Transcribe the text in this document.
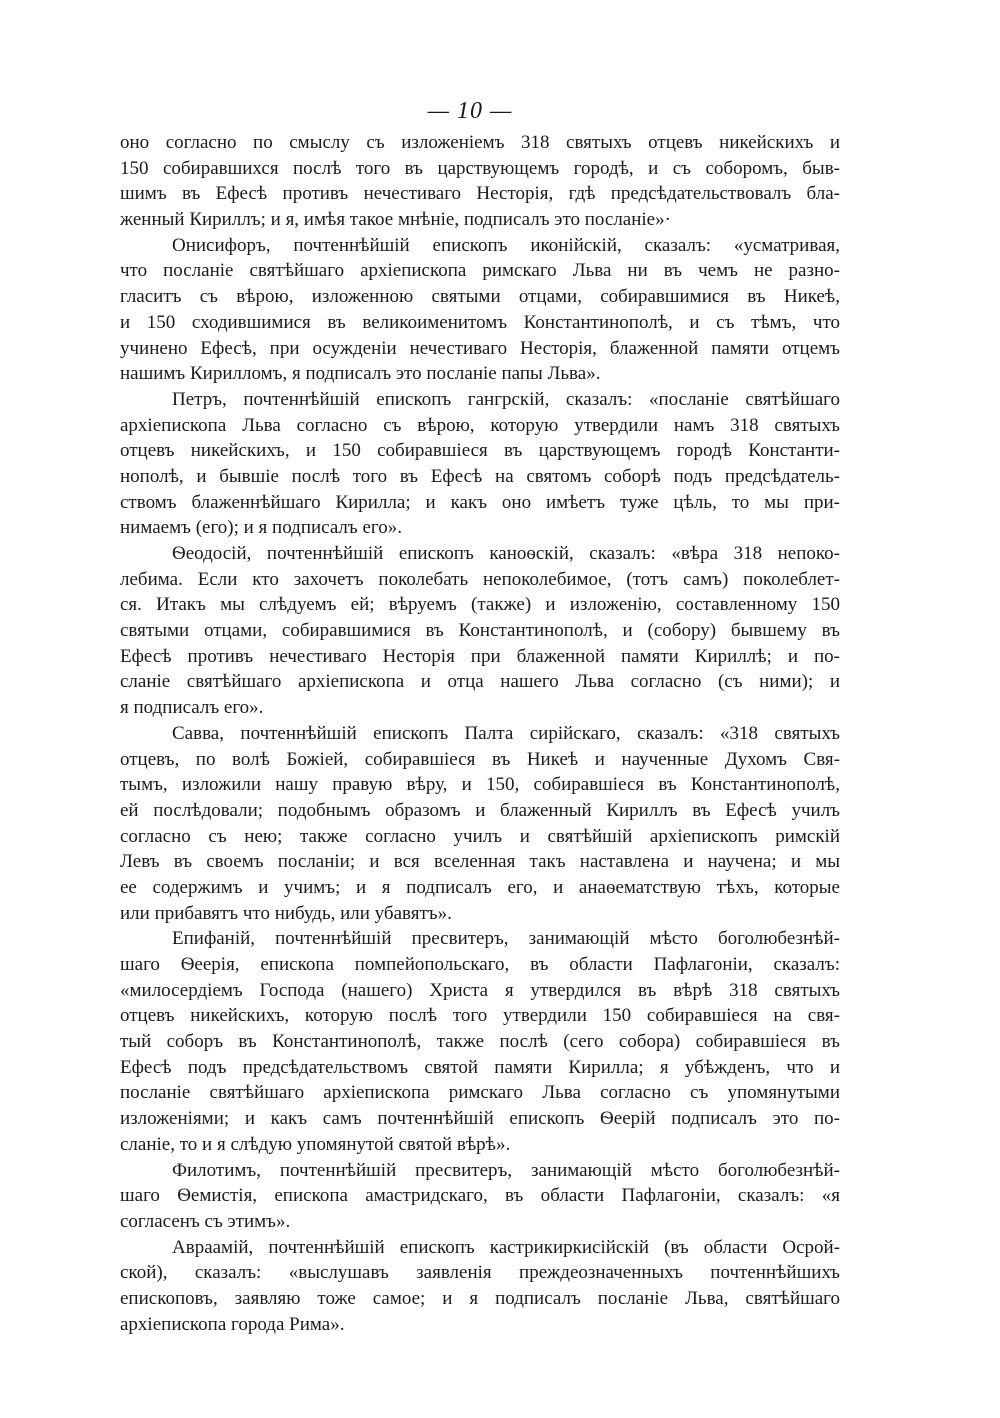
— 10 —
оно согласно по смыслу съ изложеніемъ 318 святыхъ отцевъ никейскихъ и
150 собиравшихся послѣ того въ царствующемъ городѣ, и съ соборомъ, быв-
шимъ въ Ефесѣ противъ нечестиваго Несторія, гдѣ предсѣдательствовалъ бла-
женный Кириллъ; и я, имѣя такое мнѣніе, подписалъ это посланіе»·
Онисифоръ, почтеннѣйшій епископъ иконійскій, сказалъ: «усматривая,
что посланіе святѣйшаго архіепископа римскаго Льва ни въ чемъ не разно-
гласитъ съ вѣрою, изложенною святыми отцами, собиравшимися въ Никеѣ,
и 150 сходившимися въ великоименитомъ Константинополѣ, и съ тѣмъ, что
учинено Ефесѣ, при осужденіи нечестиваго Несторія, блаженной памяти отцемъ
нашимъ Кирилломъ, я подписалъ это посланіе папы Льва».
Петръ, почтеннѣйшій епископъ гангрскій, сказалъ: «посланіе святѣйшаго
архіепископа Льва согласно съ вѣрою, которую утвердили намъ 318 святыхъ
отцевъ никейскихъ, и 150 собиравшіеся въ царствующемъ городѣ Константи-
нополѣ, и бывшіе послѣ того въ Ефесѣ на святомъ соборѣ подъ предсѣдатель-
ствомъ блаженнѣйшаго Кирилла; и какъ оно имѣетъ туже цѣль, то мы при-
нимаемъ (его); и я подписалъ его».
Ѳеодосій, почтеннѣйшій епископъ каноѳскій, сказалъ: «вѣра 318 непоко-
лебима. Если кто захочетъ поколебать непоколебимое, (тотъ самъ) поколеблет-
ся. Итакъ мы слѣдуемъ ей; вѣруемъ (также) и изложенію, составленному 150
святыми отцами, собиравшимися въ Константинополѣ, и (собору) бывшему въ
Ефесѣ противъ нечестиваго Несторія при блаженной памяти Кириллѣ; и по-
сланіе святѣйшаго архіепископа и отца нашего Льва согласно (съ ними); и
я подписалъ его».
Савва, почтеннѣйшій епископъ Палта сирійскаго, сказалъ: «318 святыхъ
отцевъ, по волѣ Божіей, собиравшіеся въ Никеѣ и наученные Духомъ Свя-
тымъ, изложили нашу правую вѣру, и 150, собиравшіеся въ Константинополѣ,
ей послѣдовали; подобнымъ образомъ и блаженный Кириллъ въ Ефесѣ училъ
согласно съ нею; также согласно училъ и святѣйшій архіепископъ римскій
Левъ въ своемъ посланіи; и вся вселенная такъ наставлена и научена; и мы
ее содержимъ и учимъ; и я подписалъ его, и анаѳематствую тѣхъ, которые
или прибавятъ что нибудь, или убавятъ».
Епифаній, почтеннѣйшій пресвитеръ, занимающій мѣсто боголюбезнѣй-
шаго Ѳеерія, епископа помпейопольскаго, въ области Пафлагоніи, сказалъ:
«милосердіемъ Господа (нашего) Христа я утвердился въ вѣрѣ 318 святыхъ
отцевъ никейскихъ, которую послѣ того утвердили 150 собиравшіеся на свя-
тый соборъ въ Константинополѣ, также послѣ (сего собора) собиравшіеся въ
Ефесѣ подъ предсѣдательствомъ святой памяти Кирилла; я убѣжденъ, что и
посланіе святѣйшаго архіепископа римскаго Льва согласно съ упомянутыми
изложеніями; и какъ самъ почтеннѣйшій епископъ Ѳеерій подписалъ это по-
сланіе, то и я слѣдую упомянутой святой вѣрѣ».
Филотимъ, почтеннѣйшій пресвитеръ, занимающій мѣсто боголюбезнѣй-
шаго Ѳемистія, епископа амастридскаго, въ области Пафлагоніи, сказалъ: «я
согласенъ съ этимъ».
Авраамій, почтеннѣйшій епископъ кастрикиркисійскій (въ области Осрой-
ской), сказалъ: «выслушавъ заявленія преждеозначенныхъ почтеннѣйшихъ
епископовъ, заявляю тоже самое; и я подписалъ посланіе Льва, святѣйшаго
архіепископа города Рима».
